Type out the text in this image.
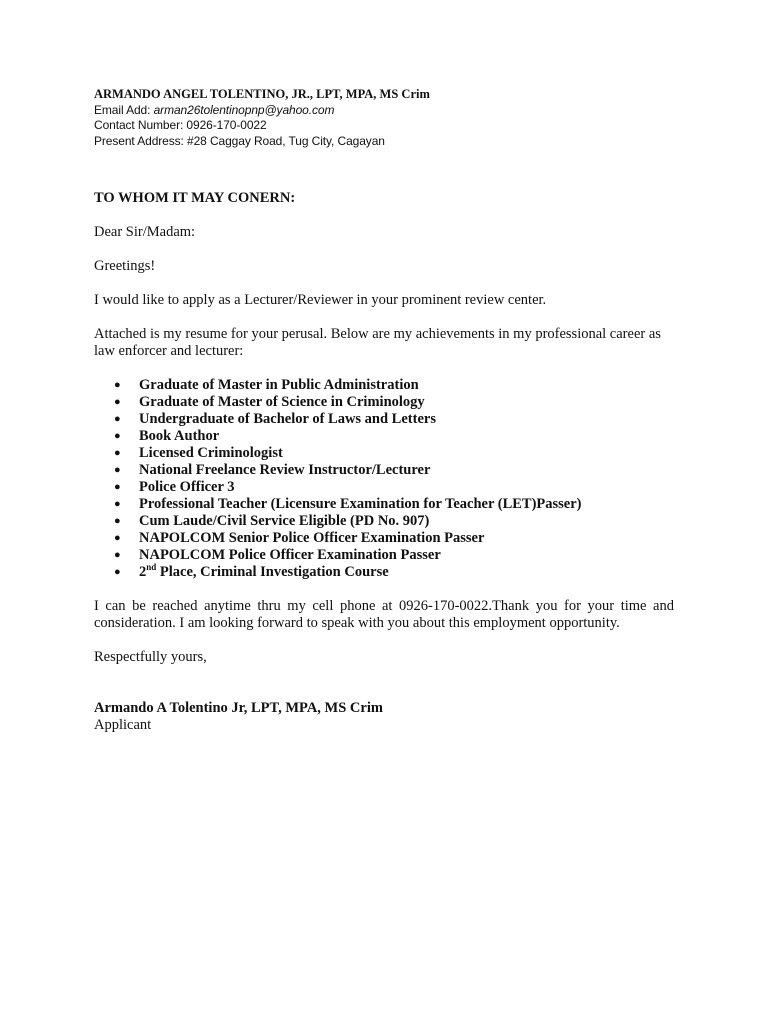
ARMANDO ANGEL TOLENTINO, JR., LPT, MPA, MS Crim
Email Add: arman26tolentinopnp@yahoo.com
Contact Number: 0926-170-0022
Present Address: #28 Caggay Road, Tug City, Cagayan
TO WHOM IT MAY CONERN:
Dear Sir/Madam:
Greetings!
I would like to apply as a Lecturer/Reviewer in your prominent review center.
Attached is my resume for your perusal. Below are my achievements in my professional career as law enforcer and lecturer:
● Graduate of Master in Public Administration
● Graduate of Master of Science in Criminology
● Undergraduate of Bachelor of Laws and Letters
● Book Author
● Licensed Criminologist
● National Freelance Review Instructor/Lecturer
● Police Officer 3
● Professional Teacher (Licensure Examination for Teacher (LET)Passer)
● Cum Laude/Civil Service Eligible (PD No. 907)
● NAPOLCOM Senior Police Officer Examination Passer
● NAPOLCOM Police Officer Examination Passer
● 2nd Place, Criminal Investigation Course
I can be reached anytime thru my cell phone at 0926-170-0022.Thank you for your time and consideration. I am looking forward to speak with you about this employment opportunity.
Respectfully yours,
Armando A Tolentino Jr, LPT, MPA, MS Crim
Applicant
